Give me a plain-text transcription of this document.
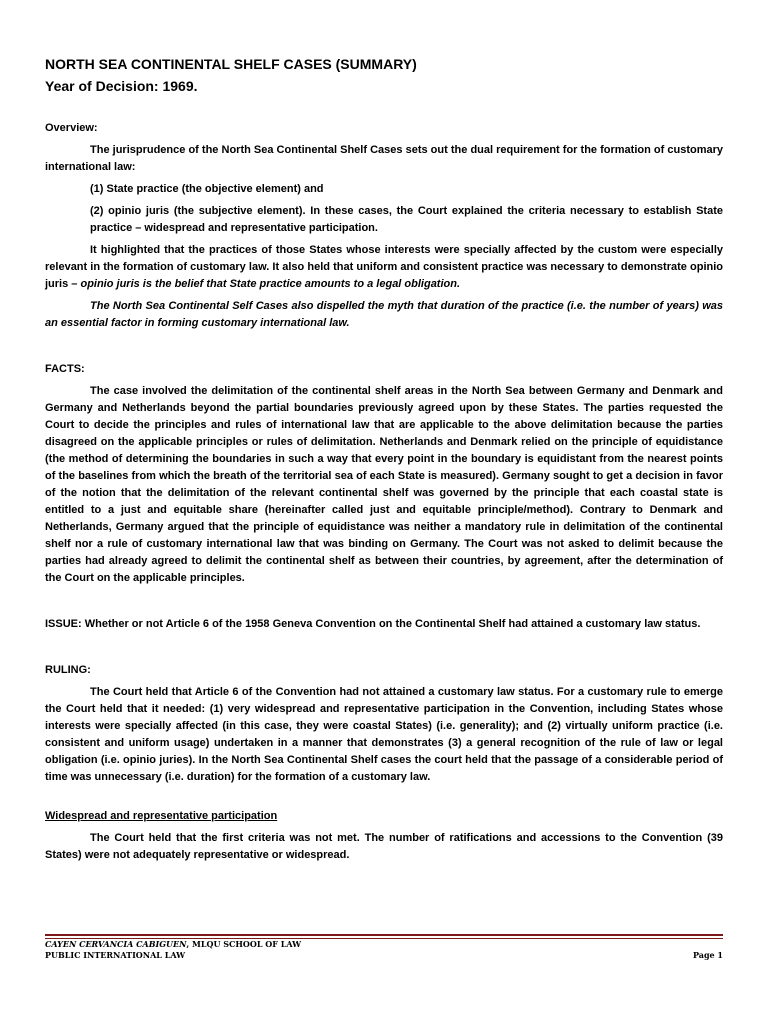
NORTH SEA CONTINENTAL SHELF CASES (SUMMARY)
Year of Decision: 1969.
Overview:

The jurisprudence of the North Sea Continental Shelf Cases sets out the dual requirement for the formation of customary international law:

(1) State practice (the objective element) and

(2) opinio juris (the subjective element). In these cases, the Court explained the criteria necessary to establish State practice – widespread and representative participation.

It highlighted that the practices of those States whose interests were specially affected by the custom were especially relevant in the formation of customary law. It also held that uniform and consistent practice was necessary to demonstrate opinio juris – opinio juris is the belief that State practice amounts to a legal obligation.

The North Sea Continental Self Cases also dispelled the myth that duration of the practice (i.e. the number of years) was an essential factor in forming customary international law.

FACTS:

The case involved the delimitation of the continental shelf areas in the North Sea between Germany and Denmark and Germany and Netherlands beyond the partial boundaries previously agreed upon by these States. The parties requested the Court to decide the principles and rules of international law that are applicable to the above delimitation because the parties disagreed on the applicable principles or rules of delimitation. Netherlands and Denmark relied on the principle of equidistance (the method of determining the boundaries in such a way that every point in the boundary is equidistant from the nearest points of the baselines from which the breath of the territorial sea of each State is measured). Germany sought to get a decision in favor of the notion that the delimitation of the relevant continental shelf was governed by the principle that each coastal state is entitled to a just and equitable share (hereinafter called just and equitable principle/method). Contrary to Denmark and Netherlands, Germany argued that the principle of equidistance was neither a mandatory rule in delimitation of the continental shelf nor a rule of customary international law that was binding on Germany. The Court was not asked to delimit because the parties had already agreed to delimit the continental shelf as between their countries, by agreement, after the determination of the Court on the applicable principles.

ISSUE: Whether or not Article 6 of the 1958 Geneva Convention on the Continental Shelf had attained a customary law status.

RULING:

The Court held that Article 6 of the Convention had not attained a customary law status. For a customary rule to emerge the Court held that it needed: (1) very widespread and representative participation in the Convention, including States whose interests were specially affected (in this case, they were coastal States) (i.e. generality); and (2) virtually uniform practice (i.e. consistent and uniform usage) undertaken in a manner that demonstrates (3) a general recognition of the rule of law or legal obligation (i.e. opinio juries). In the North Sea Continental Shelf cases the court held that the passage of a considerable period of time was unnecessary (i.e. duration) for the formation of a customary law.

Widespread and representative participation

The Court held that the first criteria was not met. The number of ratifications and accessions to the Convention (39 States) were not adequately representative or widespread.

CAYEN CERVANCIA CABIGUEN, MLQU SCHOOL OF LAW
PUBLIC INTERNATIONAL LAW	Page 1
